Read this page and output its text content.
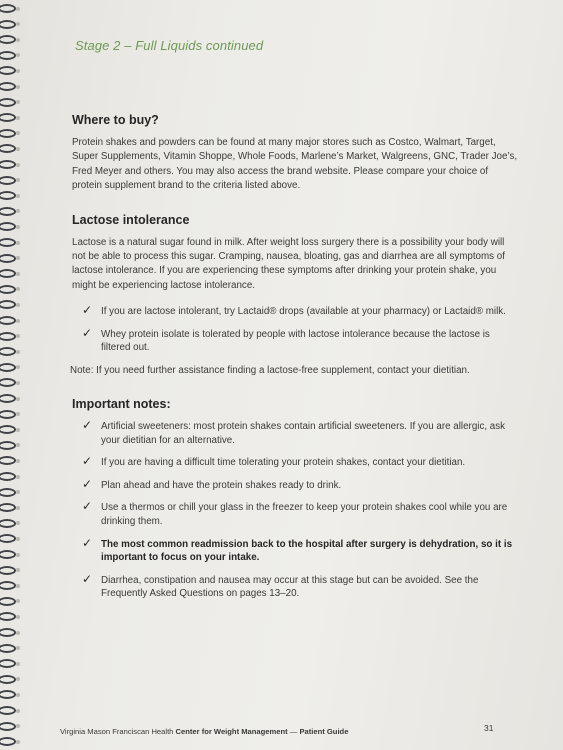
Stage 2 – Full Liquids continued
Where to buy?

Protein shakes and powders can be found at many major stores such as Costco, Walmart, Target, Super Supplements, Vitamin Shoppe, Whole Foods, Marlene’s Market, Walgreens, GNC, Trader Joe’s, Fred Meyer and others. You may also access the brand website. Please compare your choice of protein supplement brand to the criteria listed above.

Lactose intolerance

Lactose is a natural sugar found in milk. After weight loss surgery there is a possibility your body will not be able to process this sugar. Cramping, nausea, bloating, gas and diarrhea are all symptoms of lactose intolerance. If you are experiencing these symptoms after drinking your protein shake, you might be experiencing lactose intolerance.

✓ If you are lactose intolerant, try Lactaid® drops (available at your pharmacy) or Lactaid® milk.
✓ Whey protein isolate is tolerated by people with lactose intolerance because the lactose is filtered out.

Note: If you need further assistance finding a lactose-free supplement, contact your dietitian.

Important notes:
✓ Artificial sweeteners: most protein shakes contain artificial sweeteners. If you are allergic, ask your dietitian for an alternative.
✓ If you are having a difficult time tolerating your protein shakes, contact your dietitian.
✓ Plan ahead and have the protein shakes ready to drink.
✓ Use a thermos or chill your glass in the freezer to keep your protein shakes cool while you are drinking them.
✓ The most common readmission back to the hospital after surgery is dehydration, so it is important to focus on your intake.
✓ Diarrhea, constipation and nausea may occur at this stage but can be avoided. See the Frequently Asked Questions on pages 13–20.
Virginia Mason Franciscan Health Center for Weight Management — Patient Guide	31
